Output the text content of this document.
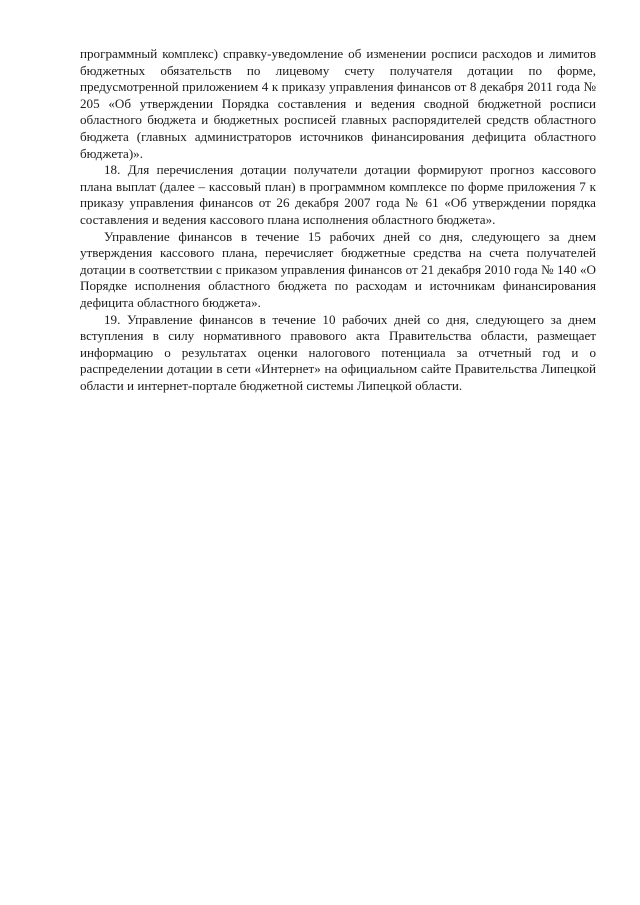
программный комплекс) справку-уведомление об изменении росписи расходов и лимитов бюджетных обязательств по лицевому счету получателя дотации по форме, предусмотренной приложением 4 к приказу управления финансов от 8 декабря 2011 года № 205 «Об утверждении Порядка составления и ведения сводной бюджетной росписи областного бюджета и бюджетных росписей главных распорядителей средств областного бюджета (главных администраторов источников финансирования дефицита областного бюджета)».

18. Для перечисления дотации получатели дотации формируют прогноз кассового плана выплат (далее – кассовый план) в программном комплексе по форме приложения 7 к приказу управления финансов от 26 декабря 2007 года № 61 «Об утверждении порядка составления и ведения кассового плана исполнения областного бюджета».

Управление финансов в течение 15 рабочих дней со дня, следующего за днем утверждения кассового плана, перечисляет бюджетные средства на счета получателей дотации в соответствии с приказом управления финансов от 21 декабря 2010 года № 140 «О Порядке исполнения областного бюджета по расходам и источникам финансирования дефицита областного бюджета».

19. Управление финансов в течение 10 рабочих дней со дня, следующего за днем вступления в силу нормативного правового акта Правительства области, размещает информацию о результатах оценки налогового потенциала за отчетный год и о распределении дотации в сети «Интернет» на официальном сайте Правительства Липецкой области и интернет-портале бюджетной системы Липецкой области.
